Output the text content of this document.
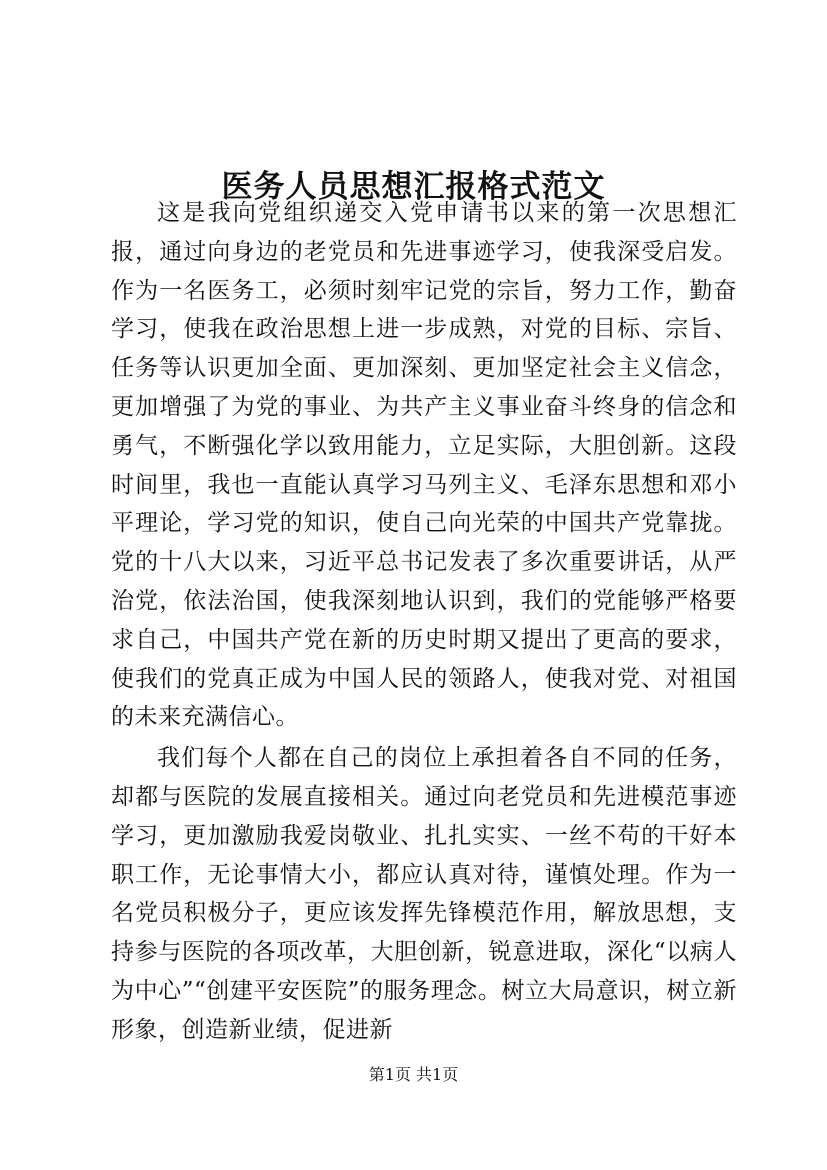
医务人员思想汇报格式范文

这是我向党组织递交入党申请书以来的第一次思想汇报，通过向身边的老党员和先进事迹学习，使我深受启发。作为一名医务工，必须时刻牢记党的宗旨，努力工作，勤奋学习，使我在政治思想上进一步成熟，对党的目标、宗旨、任务等认识更加全面、更加深刻、更加坚定社会主义信念，更加增强了为党的事业、为共产主义事业奋斗终身的信念和勇气，不断强化学以致用能力，立足实际，大胆创新。这段时间里，我也一直能认真学习马列主义、毛泽东思想和邓小平理论，学习党的知识，使自己向光荣的中国共产党靠拢。党的十八大以来，习近平总书记发表了多次重要讲话，从严治党，依法治国，使我深刻地认识到，我们的党能够严格要求自己，中国共产党在新的历史时期又提出了更高的要求，使我们的党真正成为中国人民的领路人，使我对党、对祖国的未来充满信心。

我们每个人都在自己的岗位上承担着各自不同的任务，却都与医院的发展直接相关。通过向老党员和先进模范事迹学习，更加激励我爱岗敬业、扎扎实实、一丝不苟的干好本职工作，无论事情大小，都应认真对待，谨慎处理。作为一名党员积极分子，更应该发挥先锋模范作用，解放思想，支持参与医院的各项改革，大胆创新，锐意进取，深化“以病人为中心”“创建平安医院”的服务理念。树立大局意识，树立新形象，创造新业绩，促进新

第1页 共1页
